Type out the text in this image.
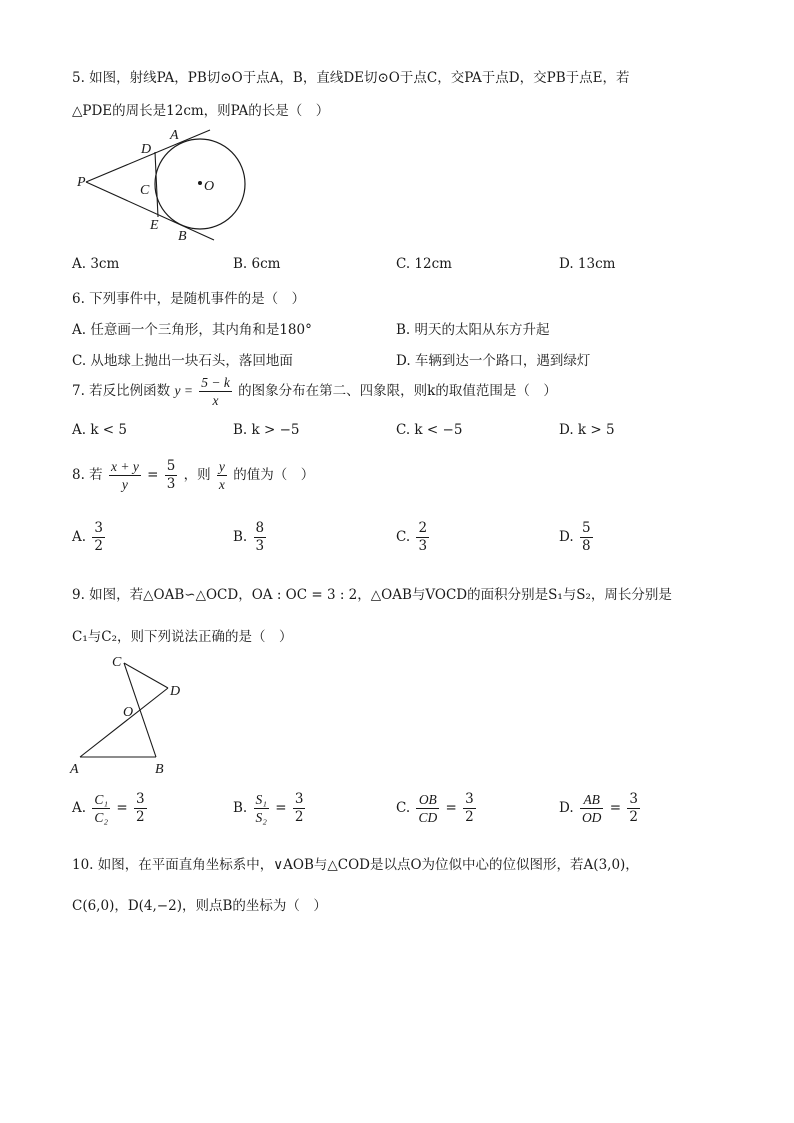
5. 如图，射线PA，PB切⊙O于点A，B，直线DE切⊙O于点C，交PA于点D，交PB于点E，若
△PDE的周长是12cm，则PA的长是（　）
P
A
D
C
E
B
O
A. 3cm	B. 6cm	C. 12cm	D. 13cm
6. 下列事件中，是随机事件的是（　）
A. 任意画一个三角形，其内角和是180°	B. 明天的太阳从东方升起
C. 从地球上抛出一块石头，落回地面	D. 车辆到达一个路口，遇到绿灯
7. 若反比例函数 $y = \frac{5 - k}{x}$ 的图象分布在第二、四象限，则k的取值范围是（　）
A. k < 5	B. k > −5	C. k < −5	D. k > 5
8. 若 $\frac{x + y}{y} = \frac{5}{3}$ ，则 $\frac{y}{x}$ 的值为（　）
A. $\frac{3}{2}$	B. $\frac{8}{3}$	C. $\frac{2}{3}$	D. $\frac{5}{8}$
9. 如图，若△OAB∽△OCD，OA : OC = 3 : 2，△OAB与VOCD的面积分别是S₁与S₂，周长分别是
C₁与C₂，则下列说法正确的是（　）
C
D
O
A	B
A. $\frac{\text{C₁}}{\text{C₂}} = \frac{3}{2}$	B. $\frac{\text{S₁}}{\text{S₂}} = \frac{3}{2}$	C. $\frac{OB}{CD} = \frac{3}{2}$	D. $\frac{AB}{OD} = \frac{3}{2}$
10. 如图，在平面直角坐标系中，∨AOB与△COD是以点O为位似中心的位似图形，若A(3,0)，
C(6,0)，D(4,−2)，则点B的坐标为（　）
